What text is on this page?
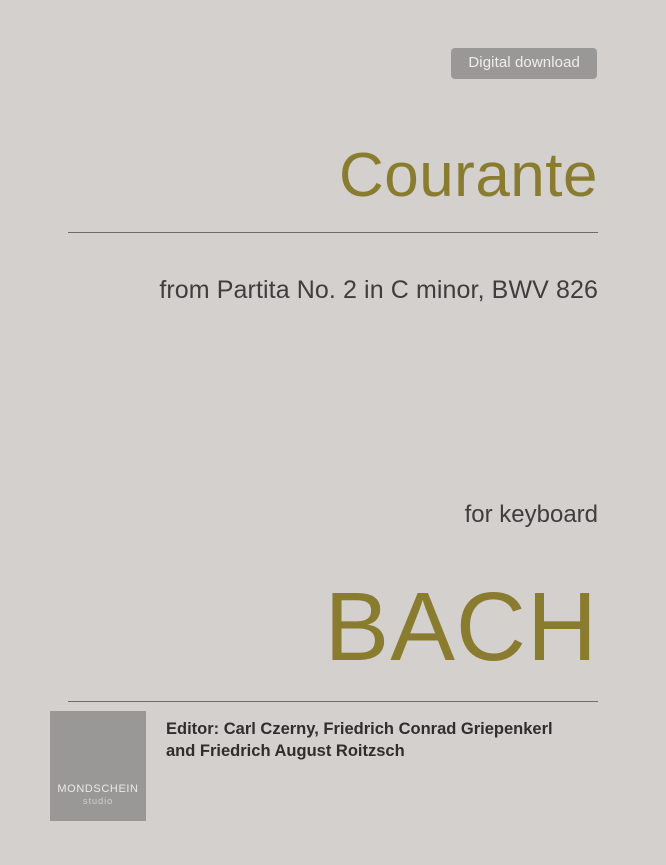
Digital download
Courante
from Partita No. 2 in C minor, BWV 826
for keyboard
BACH
MONDSCHEIN
studio
Editor: Carl Czerny, Friedrich Conrad Griepenkerl and Friedrich August Roitzsch
